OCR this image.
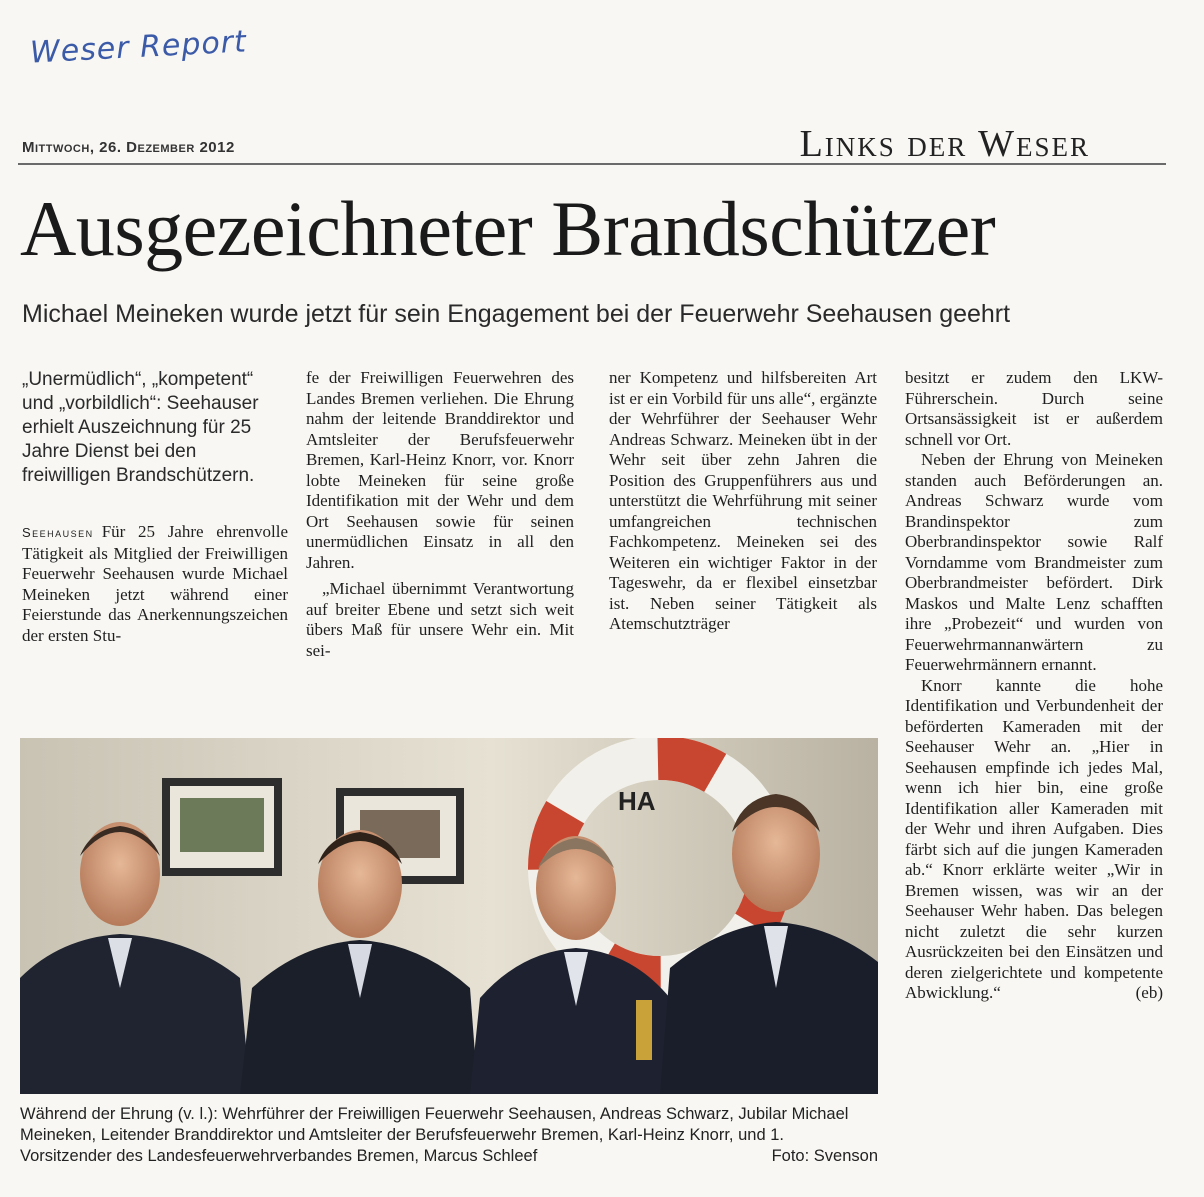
Weser Report
Mittwoch, 26. Dezember 2012	Links der Weser
Ausgezeichneter Brandschützer
Michael Meineken wurde jetzt für sein Engagement bei der Feuerwehr Seehausen geehrt

„Unermüdlich“, „kompetent“ und „vorbildlich“: Seehauser erhielt Auszeichnung für 25 Jahre Dienst bei den freiwilligen Brandschützern.

Seehausen Für 25 Jahre ehrenvolle Tätigkeit als Mitglied der Freiwilligen Feuerwehr Seehausen wurde Michael Meineken jetzt während einer Feierstunde das Anerkennungszeichen der ersten Stu-

fe der Freiwilligen Feuerwehren des Landes Bremen verliehen. Die Ehrung nahm der leitende Branddirektor und Amtsleiter der Berufsfeuerwehr Bremen, Karl-Heinz Knorr, vor. Knorr lobte Meineken für seine große Identifikation mit der Wehr und dem Ort Seehausen sowie für seinen unermüdlichen Einsatz in all den Jahren.

„Michael übernimmt Verantwortung auf breiter Ebene und setzt sich weit übers Maß für unsere Wehr ein. Mit sei-

ner Kompetenz und hilfsbereiten Art ist er ein Vorbild für uns alle“, ergänzte der Wehrführer der Seehauser Wehr Andreas Schwarz. Meineken übt in der Wehr seit über zehn Jahren die Position des Gruppenführers aus und unterstützt die Wehrführung mit seiner umfangreichen technischen Fachkompetenz. Meineken sei des Weiteren ein wichtiger Faktor in der Tageswehr, da er flexibel einsetzbar ist. Neben seiner Tätigkeit als Atemschutzträger

besitzt er zudem den LKW-Führerschein. Durch seine Ortsansässigkeit ist er außerdem schnell vor Ort.

Neben der Ehrung von Meineken standen auch Beförderungen an. Andreas Schwarz wurde vom Brandinspektor zum Oberbrandinspektor sowie Ralf Vorndamme vom Brandmeister zum Oberbrandmeister befördert. Dirk Maskos und Malte Lenz schafften ihre „Probezeit“ und wurden von Feuerwehrmannanwärtern zu Feuerwehrmännern ernannt.

Knorr kannte die hohe Identifikation und Verbundenheit der beförderten Kameraden mit der Seehauser Wehr an. „Hier in Seehausen empfinde ich jedes Mal, wenn ich hier bin, eine große Identifikation aller Kameraden mit der Wehr und ihren Aufgaben. Dies färbt sich auf die jungen Kameraden ab.“ Knorr erklärte weiter „Wir in Bremen wissen, was wir an der Seehauser Wehr haben. Das belegen nicht zuletzt die sehr kurzen Ausrückzeiten bei den Einsätzen und deren zielgerichtete und kompetente Abwicklung.“	(eb)

HA
Während der Ehrung (v. l.): Wehrführer der Freiwilligen Feuerwehr Seehausen, Andreas Schwarz, Jubilar Michael Meineken, Leitender Branddirektor und Amtsleiter der Berufsfeuerwehr Bremen, Karl-Heinz Knorr, und 1. Vorsitzender des Landesfeuerwehrverbandes Bremen, Marcus Schleef	Foto: Svenson
